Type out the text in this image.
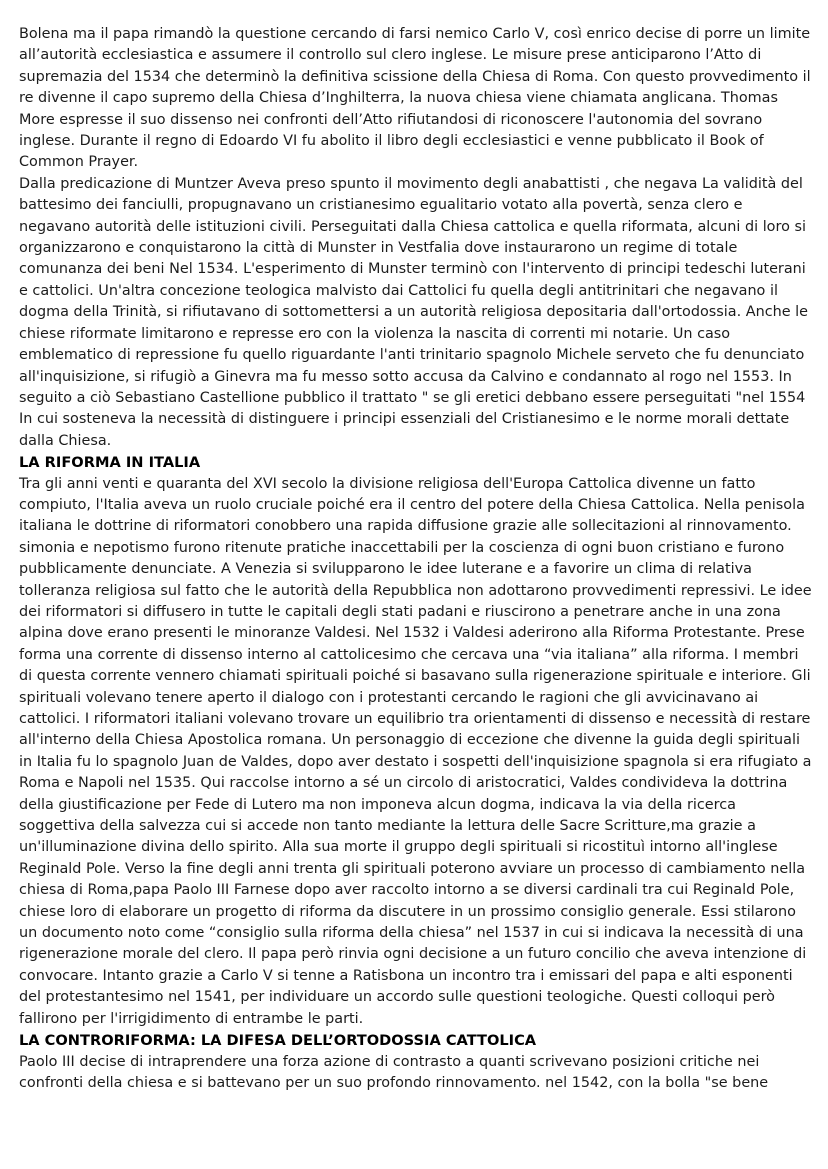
Bolena ma il papa rimandò la questione cercando di farsi nemico Carlo V, così enrico decise di porre un limite all’autorità ecclesiastica e assumere il controllo sul clero inglese. Le misure prese anticiparono l’Atto di supremazia del 1534 che determinò la definitiva scissione della Chiesa di Roma. Con questo provvedimento il re divenne il capo supremo della Chiesa d’Inghilterra, la nuova chiesa viene chiamata anglicana. Thomas More espresse il suo dissenso nei confronti dell’Atto rifiutandosi di riconoscere l'autonomia del sovrano inglese. Durante il regno di Edoardo VI fu abolito il libro degli ecclesiastici e venne pubblicato il Book of Common Prayer.

Dalla predicazione di Muntzer Aveva preso spunto il movimento degli anabattisti , che negava La validità del battesimo dei fanciulli, propugnavano un cristianesimo egualitario votato alla povertà, senza clero e negavano autorità delle istituzioni civili. Perseguitati dalla Chiesa cattolica e quella riformata, alcuni di loro si organizzarono e conquistarono la città di Munster in Vestfalia dove instaurarono un regime di totale comunanza dei beni Nel 1534. L'esperimento di Munster terminò con l'intervento di principi tedeschi luterani e cattolici. Un'altra concezione teologica malvisto dai Cattolici fu quella degli antitrinitari che negavano il dogma della Trinità, si rifiutavano di sottomettersi a un autorità religiosa depositaria dall'ortodossia. Anche le chiese riformate limitarono e represse ero con la violenza la nascita di correnti mi notarie. Un caso emblematico di repressione fu quello riguardante l'anti trinitario spagnolo Michele serveto che fu denunciato all'inquisizione, si rifugiò a Ginevra ma fu messo sotto accusa da Calvino e condannato al rogo nel 1553. In seguito a ciò Sebastiano Castellione pubblico il trattato " se gli eretici debbano essere perseguitati "nel 1554 In cui sosteneva la necessità di distinguere i principi essenziali del Cristianesimo e le norme morali dettate dalla Chiesa.

LA RIFORMA IN ITALIA

Tra gli anni venti e quaranta del XVI secolo la divisione religiosa dell'Europa Cattolica divenne un fatto compiuto, l'Italia aveva un ruolo cruciale poiché era il centro del potere della Chiesa Cattolica. Nella penisola italiana le dottrine di riformatori conobbero una rapida diffusione grazie alle sollecitazioni al rinnovamento. simonia e nepotismo furono ritenute pratiche inaccettabili per la coscienza di ogni buon cristiano e furono pubblicamente denunciate. A Venezia si svilupparono le idee luterane e a favorire un clima di relativa tolleranza religiosa sul fatto che le autorità della Repubblica non adottarono provvedimenti repressivi. Le idee dei riformatori si diffusero in tutte le capitali degli stati padani e riuscirono a penetrare anche in una zona alpina dove erano presenti le minoranze Valdesi. Nel 1532 i Valdesi aderirono alla Riforma Protestante. Prese forma una corrente di dissenso interno al cattolicesimo che cercava una “via italiana” alla riforma. I membri di questa corrente vennero chiamati spirituali poiché si basavano sulla rigenerazione spirituale e interiore. Gli spirituali volevano tenere aperto il dialogo con i protestanti cercando le ragioni che gli avvicinavano ai cattolici. I riformatori italiani volevano trovare un equilibrio tra orientamenti di dissenso e necessità di restare all'interno della Chiesa Apostolica romana. Un personaggio di eccezione che divenne la guida degli spirituali in Italia fu lo spagnolo Juan de Valdes, dopo aver destato i sospetti dell'inquisizione spagnola si era rifugiato a Roma e Napoli nel 1535. Qui raccolse intorno a sé un circolo di aristocratici, Valdes condivideva la dottrina della giustificazione per Fede di Lutero ma non imponeva alcun dogma, indicava la via della ricerca soggettiva della salvezza cui si accede non tanto mediante la lettura delle Sacre Scritture,ma grazie a un'illuminazione divina dello spirito. Alla sua morte il gruppo degli spirituali si ricostituì intorno all'inglese Reginald Pole. Verso la fine degli anni trenta gli spirituali poterono avviare un processo di cambiamento nella chiesa di Roma,papa Paolo III Farnese dopo aver raccolto intorno a se diversi cardinali tra cui Reginald Pole, chiese loro di elaborare un progetto di riforma da discutere in un prossimo consiglio generale. Essi stilarono un documento noto come “consiglio sulla riforma della chiesa” nel 1537 in cui si indicava la necessità di una rigenerazione morale del clero. Il papa però rinvia ogni decisione a un futuro concilio che aveva intenzione di convocare. Intanto grazie a Carlo V si tenne a Ratisbona un incontro tra i emissari del papa e alti esponenti del protestantesimo nel 1541, per individuare un accordo sulle questioni teologiche. Questi colloqui però fallirono per l'irrigidimento di entrambe le parti.

LA CONTRORIFORMA: LA DIFESA DELL’ORTODOSSIA CATTOLICA

Paolo III decise di intraprendere una forza azione di contrasto a quanti scrivevano posizioni critiche nei confronti della chiesa e si battevano per un suo profondo rinnovamento. nel 1542, con la bolla "se bene
